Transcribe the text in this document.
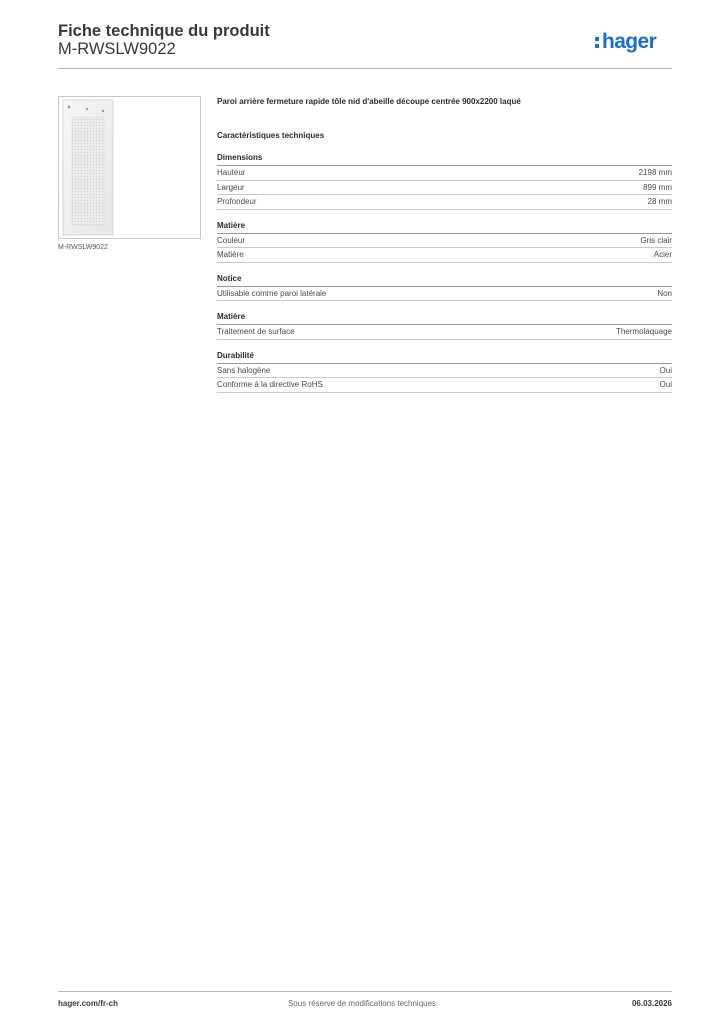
Fiche technique du produit
M-RWSLW9022	hager
M-RWSLW9022
Paroi arrière fermeture rapide tôle nid d'abeille découpe centrée 900x2200 laqué
Caractéristiques techniques
Dimensions
Hauteur	2198 mm
Largeur	899 mm
Profondeur	28 mm
Matière
Couleur	Gris clair
Matière	Acier
Notice
Utilisable comme paroi latérale	Non
Matière
Traitement de surface	Thermolaquage
Durabilité
Sans halogène	Oui
Conforme à la directive RoHS	Oui
hager.com/fr-ch	Sous réserve de modifications techniques	06.03.2026
